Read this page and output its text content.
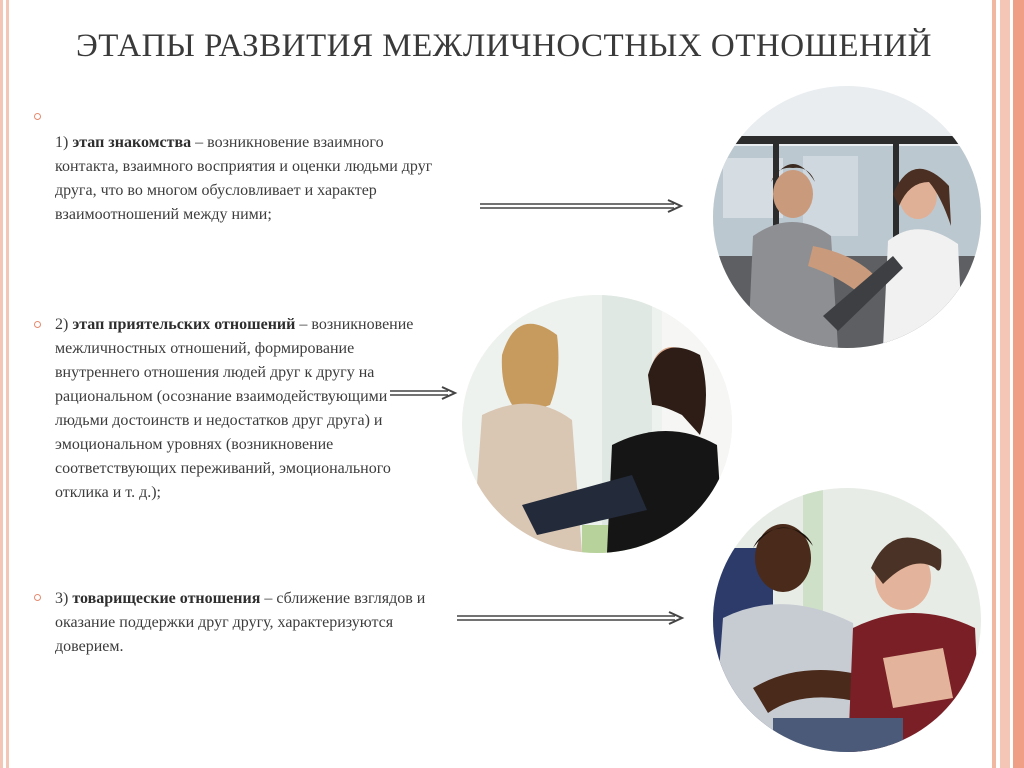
ЭТАПЫ РАЗВИТИЯ МЕЖЛИЧНОСТНЫХ ОТНОШЕНИЙ
1) этап знакомства – возникновение взаимного контакта, взаимного восприятия и оценки людьми друг друга, что во многом обусловливает и характер взаимоотношений между ними;
2) этап приятельских отношений – возникновение межличностных отношений, формирование внутреннего отношения людей друг к другу на рациональном (осознание взаимодействующими людьми достоинств и недостатков друг друга) и эмоциональном уровнях (возникновение соответствующих переживаний, эмоционального отклика и т. д.);
3) товарищеские отношения – сближение взглядов и оказание поддержки друг другу, характеризуются доверием.
